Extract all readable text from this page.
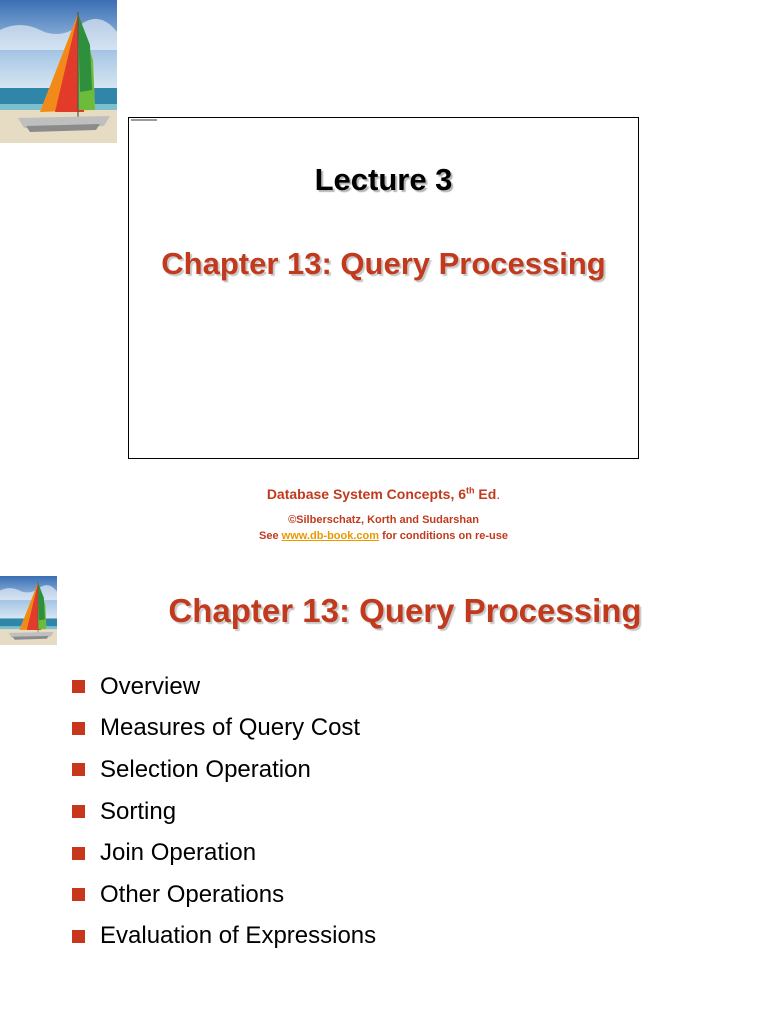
Lecture 3
Chapter 13: Query Processing
Database System Concepts, 6th Ed.
©Silberschatz, Korth and Sudarshan
See www.db-book.com for conditions on re-use
Chapter 13: Query Processing
Overview
Measures of Query Cost
Selection Operation
Sorting
Join Operation
Other Operations
Evaluation of Expressions
